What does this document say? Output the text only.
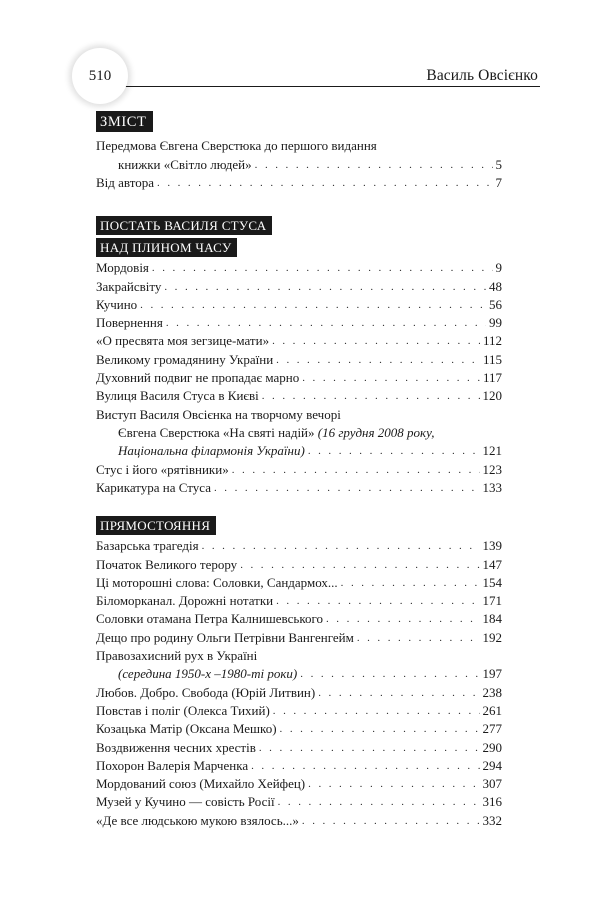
510	Василь Овсієнко
ЗМІСТ
Передмова Євгена Сверстюка до першого видання
книжки «Світло людей» . . .	5
Від автора . . .	7
ПОСТАТЬ ВАСИЛЯ СТУСА
НАД ПЛИНОМ ЧАСУ
Мордовія . . .	9
Закрайсвіту . . .	48
Кучино . . .	56
Повернення . . .	99
«О пресвята моя зегзице-мати» . . .	112
Великому громадянину України . . .	115
Духовний подвиг не пропадає марно . . .	117
Вулиця Василя Стуса в Києві . . .	120
Виступ Василя Овсієнка на творчому вечорі
Євгена Сверстюка «На святі надій»
(16 грудня 2008 року,
Національна філармонія України) . . .	121
Стус і його «рятівники» . . .	123
Карикатура на Стуса . . .	133
ПРЯМОСТОЯННЯ
Базарська трагедія . . .	139
Початок Великого терору . . .	147
Ці моторошні слова: Соловки, Сандармох... . . .	154
Біломорканал. Дорожні нотатки . . .	171
Соловки отамана Петра Калнишевського . . .	184
Дещо про родину Ольги Петрівни Вангенгейм . . .	192
Правозахисний рух в Україні
(середина 1950-х –1980-ті роки) . . .	197
Любов. Добро. Свобода (Юрій Литвин) . . .	238
Повстав і поліг (Олекса Тихий) . . .	261
Козацька Матір (Оксана Мешко) . . .	277
Воздвиження чесних хрестів . . .	290
Похорон Валерія Марченка . . .	294
Мордований союз (Михайло Хейфец) . . .	307
Музей у Кучино — совість Росії . . .	316
«Де все людською мукою взялось...» . . .	332
